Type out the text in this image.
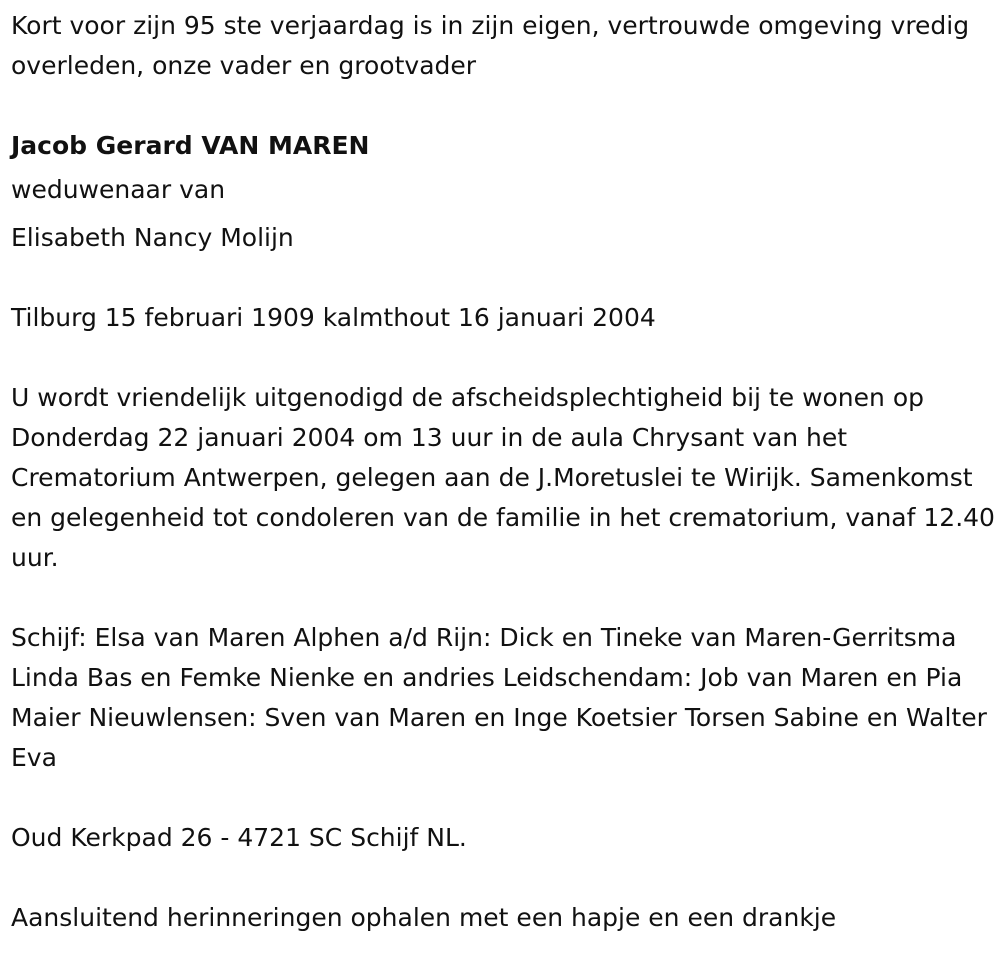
Kort voor zijn 95 ste verjaardag is in zijn eigen, vertrouwde omgeving vredig overleden, onze vader en grootvader

Jacob Gerard VAN MAREN

weduwenaar van

Elisabeth Nancy Molijn

Tilburg 15 februari 1909 kalmthout 16 januari 2004

U wordt vriendelijk uitgenodigd de afscheidsplechtigheid bij te wonen op Donderdag 22 januari 2004 om 13 uur in de aula Chrysant van het Crematorium Antwerpen, gelegen aan de J.Moretuslei te Wirijk. Samenkomst en gelegenheid tot condoleren van de familie in het crematorium, vanaf 12.40 uur.

Schijf: Elsa van Maren Alphen a/d Rijn: Dick en Tineke van Maren-Gerritsma Linda Bas en Femke Nienke en andries Leidschendam: Job van Maren en Pia Maier Nieuwlensen: Sven van Maren en Inge Koetsier Torsen Sabine en Walter Eva

Oud Kerkpad 26 - 4721 SC Schijf NL.

Aansluitend herinneringen ophalen met een hapje en een drankje
